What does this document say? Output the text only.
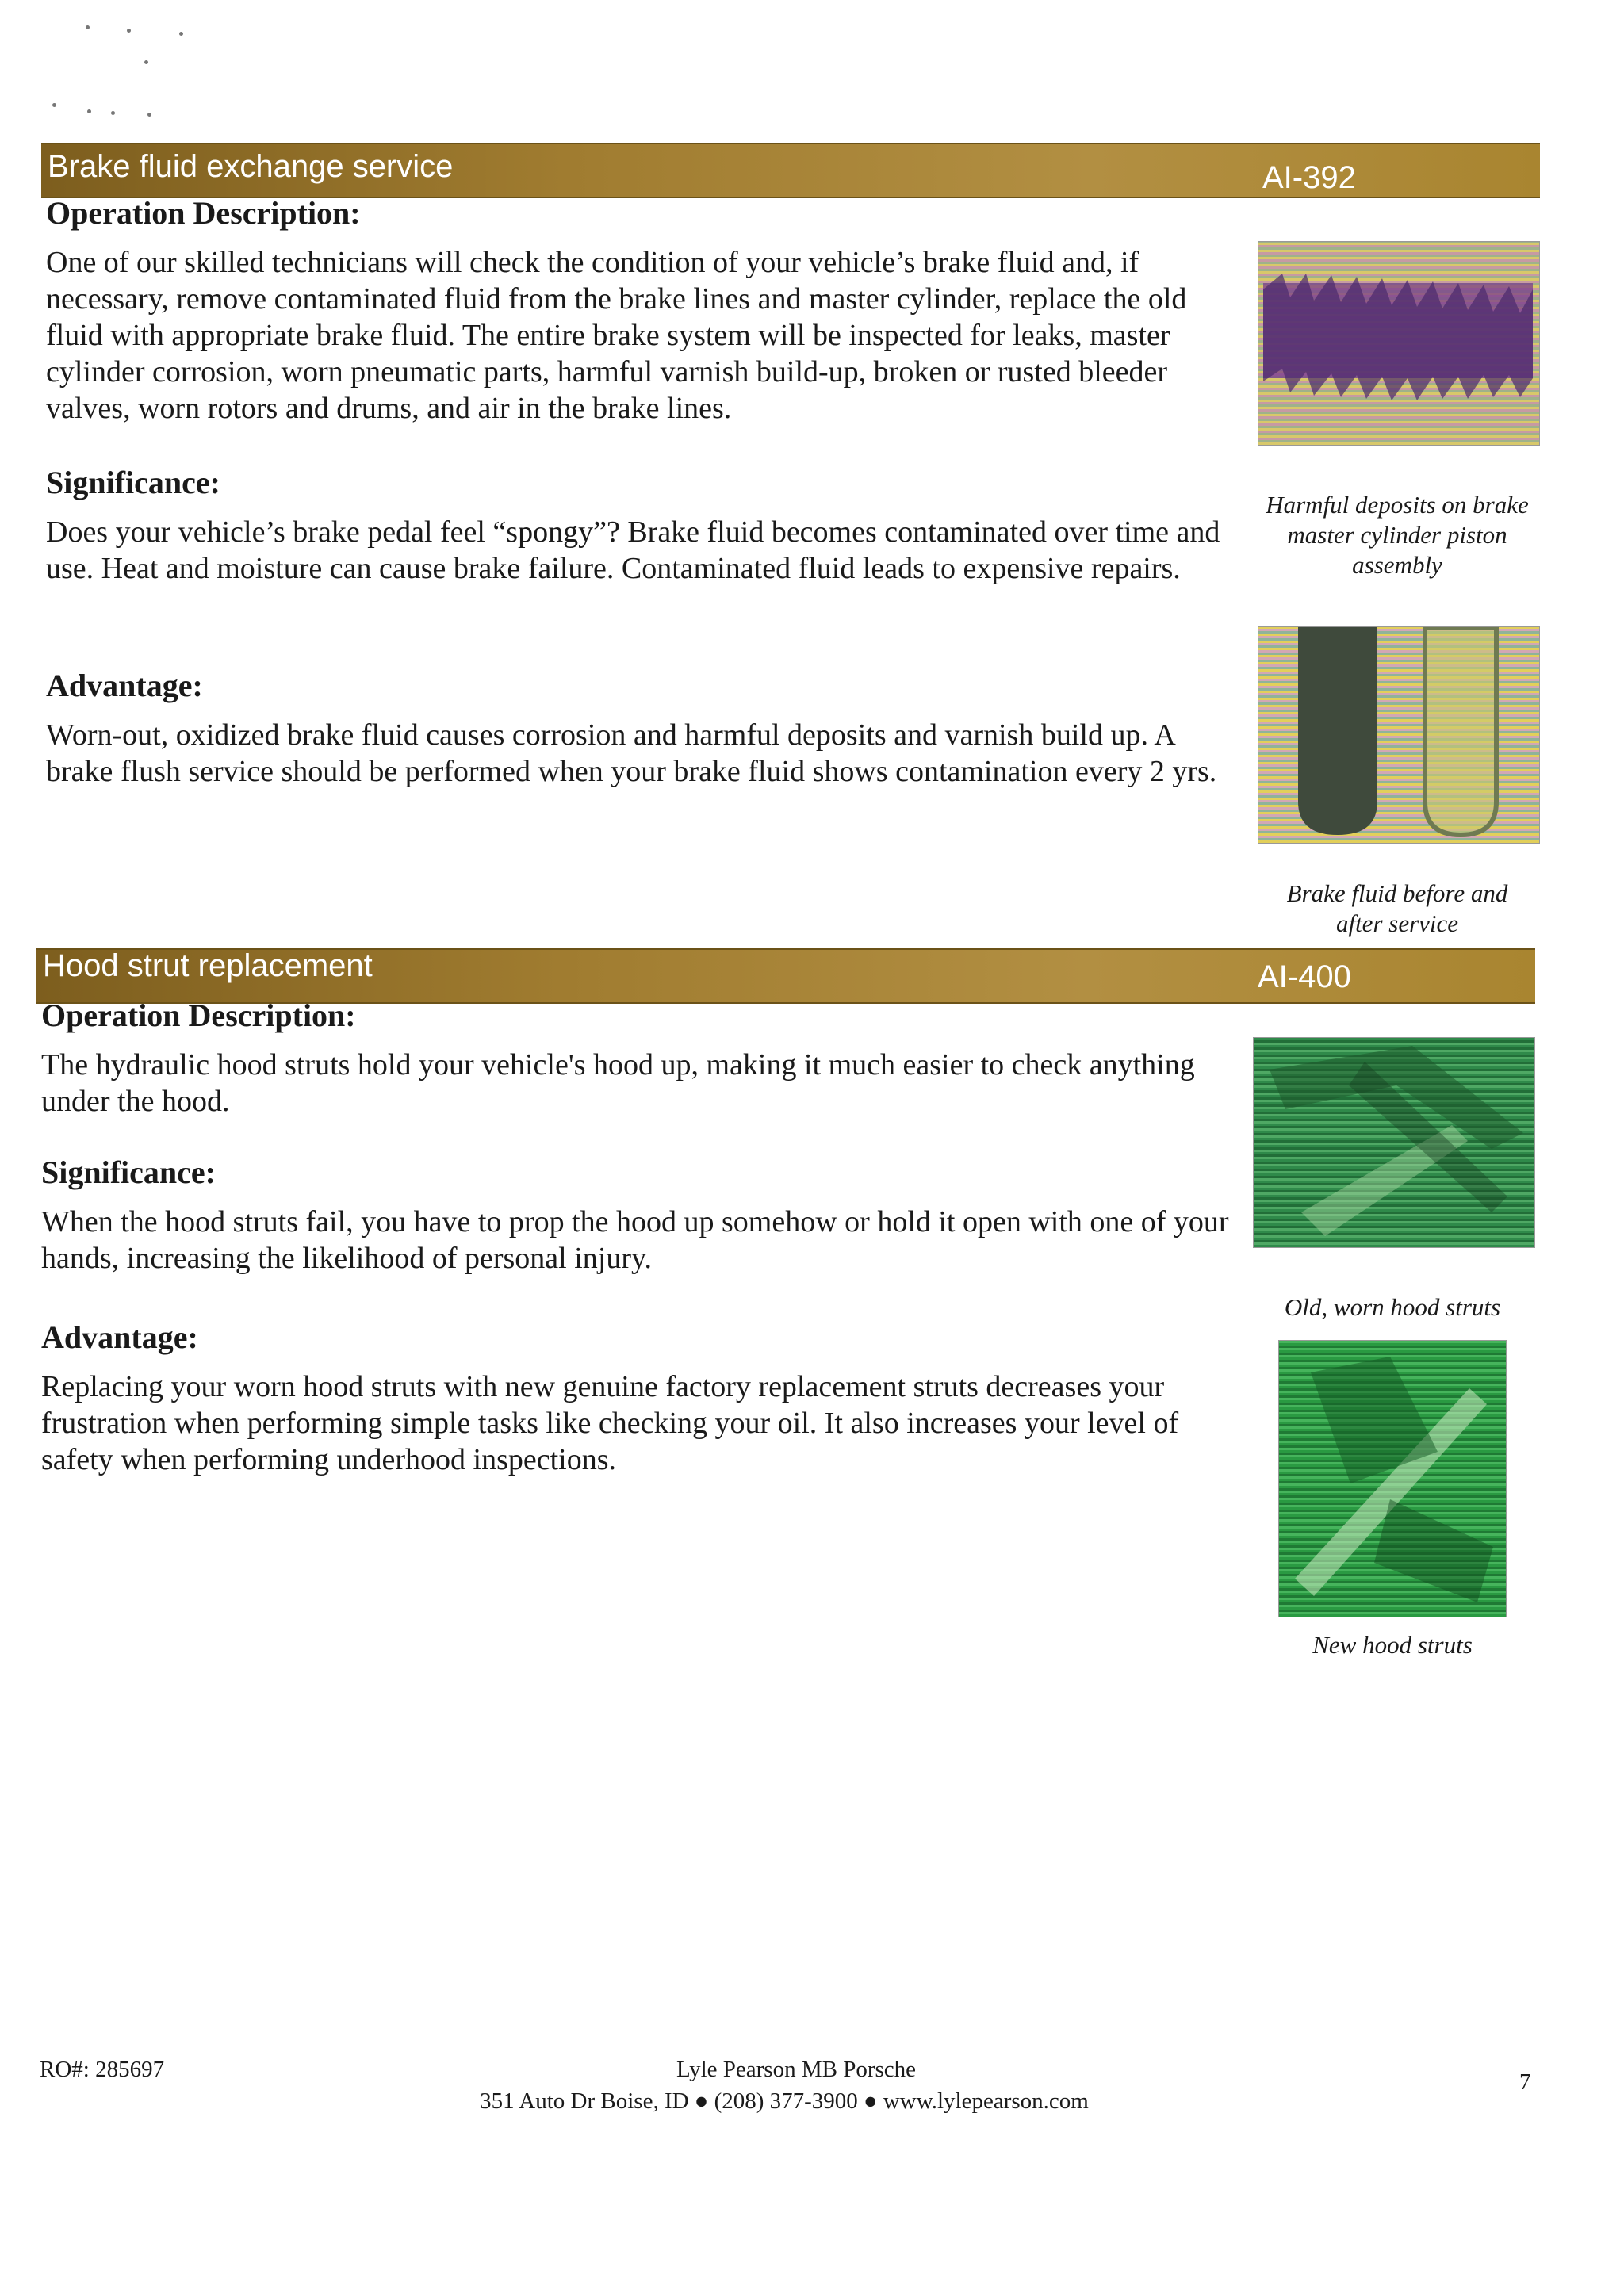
Brake fluid exchange service	AI-392
Operation Description:
One of our skilled technicians will check the condition of your vehicle’s brake fluid and, if necessary, remove contaminated fluid from the brake lines and master cylinder, replace the old fluid with appropriate brake fluid. The entire brake system will be inspected for leaks, master cylinder corrosion, worn pneumatic parts, harmful varnish build-up, broken or rusted bleeder valves, worn rotors and drums, and air in the brake lines.
Significance:
Does your vehicle’s brake pedal feel “spongy”? Brake fluid becomes contaminated over time and use. Heat and moisture can cause brake failure. Contaminated fluid leads to expensive repairs.
Advantage:
Worn-out, oxidized brake fluid causes corrosion and harmful deposits and varnish build up. A brake flush service should be performed when your brake fluid shows contamination every 2 yrs.
Harmful deposits on brake master cylinder piston assembly
Brake fluid before and after service
Hood strut replacement	AI-400
Operation Description:
The hydraulic hood struts hold your vehicle's hood up, making it much easier to check anything under the hood.
Significance:
When the hood struts fail, you have to prop the hood up somehow or hold it open with one of your hands, increasing the likelihood of personal injury.
Advantage:
Replacing your worn hood struts with new genuine factory replacement struts decreases your frustration when performing simple tasks like checking your oil. It also increases your level of safety when performing underhood inspections.
Old, worn hood struts
New hood struts
RO#: 285697	Lyle Pearson MB Porsche
351 Auto Dr Boise, ID ● (208) 377-3900 ● www.lylepearson.com
7
